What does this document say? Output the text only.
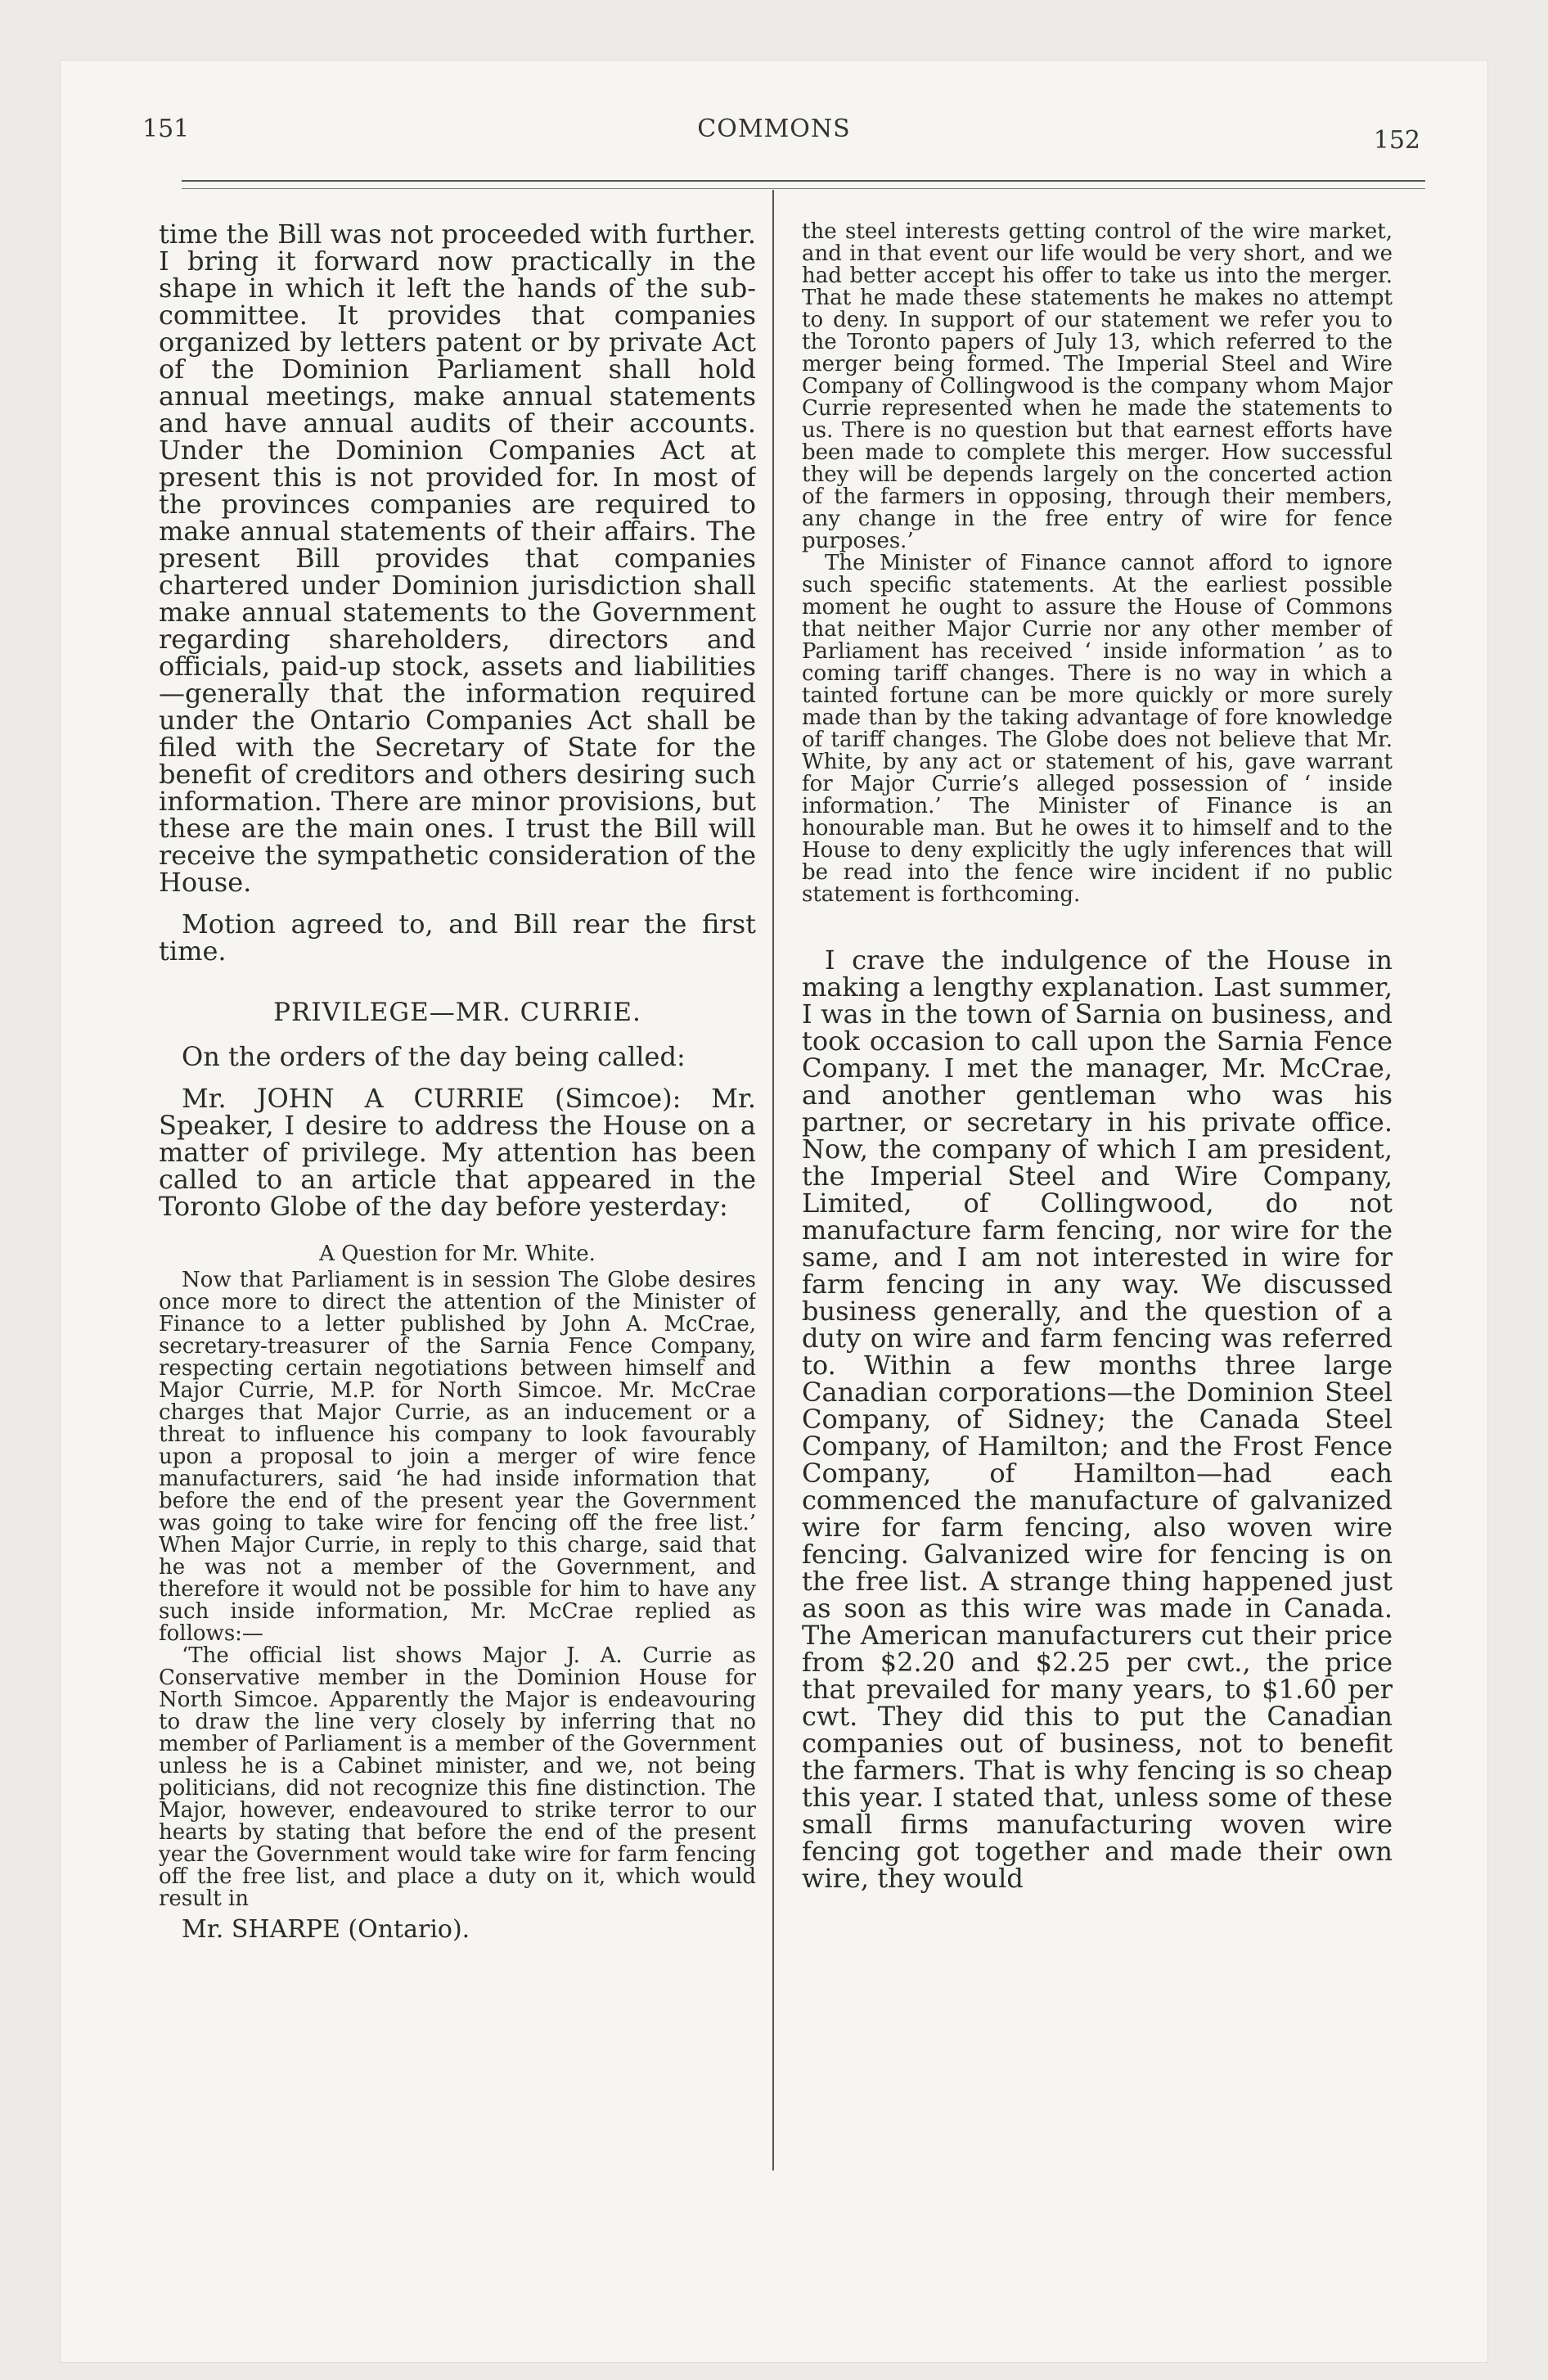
151	COMMONS	152

time the Bill was not proceeded with further. I bring it forward now practically in the shape in which it left the hands of the sub-committee. It provides that companies organized by letters patent or by private Act of the Dominion Parliament shall hold annual meetings, make annual statements and have annual audits of their accounts. Under the Dominion Companies Act at present this is not provided for. In most of the provinces companies are required to make annual statements of their affairs. The present Bill provides that companies chartered under Dominion jurisdiction shall make annual statements to the Government regarding shareholders, directors and officials, paid-up stock, assets and liabilities—generally that the information required under the Ontario Companies Act shall be filed with the Secretary of State for the benefit of creditors and others desiring such information. There are minor provisions, but these are the main ones. I trust the Bill will receive the sympathetic consideration of the House.

Motion agreed to, and Bill rear the first time.

PRIVILEGE—MR. CURRIE.

On the orders of the day being called:

Mr. JOHN A CURRIE (Simcoe): Mr. Speaker, I desire to address the House on a matter of privilege. My attention has been called to an article that appeared in the Toronto Globe of the day before yesterday:

A Question for Mr. White.

Now that Parliament is in session The Globe desires once more to direct the attention of the Minister of Finance to a letter published by John A. McCrae, secretary-treasurer of the Sarnia Fence Company, respecting certain negotiations between himself and Major Currie, M.P. for North Simcoe. Mr. McCrae charges that Major Currie, as an inducement or a threat to influence his company to look favourably upon a proposal to join a merger of wire fence manufacturers, said ‘he had inside information that before the end of the present year the Government was going to take wire for fencing off the free list.’ When Major Currie, in reply to this charge, said that he was not a member of the Government, and therefore it would not be possible for him to have any such inside information, Mr. McCrae replied as follows:—

‘The official list shows Major J. A. Currie as Conservative member in the Dominion House for North Simcoe. Apparently the Major is endeavouring to draw the line very closely by inferring that no member of Parliament is a member of the Government unless he is a Cabinet minister, and we, not being politicians, did not recognize this fine distinction. The Major, however, endeavoured to strike terror to our hearts by stating that before the end of the present year the Government would take wire for farm fencing off the free list, and place a duty on it, which would result in

Mr. SHARPE (Ontario).

the steel interests getting control of the wire market, and in that event our life would be very short, and we had better accept his offer to take us into the merger. That he made these statements he makes no attempt to deny. In support of our statement we refer you to the Toronto papers of July 13, which referred to the merger being formed. The Imperial Steel and Wire Company of Collingwood is the company whom Major Currie represented when he made the statements to us. There is no question but that earnest efforts have been made to complete this merger. How successful they will be depends largely on the concerted action of the farmers in opposing, through their members, any change in the free entry of wire for fence purposes.’

The Minister of Finance cannot afford to ignore such specific statements. At the earliest possible moment he ought to assure the House of Commons that neither Major Currie nor any other member of Parliament has received ‘ inside information ’ as to coming tariff changes. There is no way in which a tainted fortune can be more quickly or more surely made than by the taking advantage of fore knowledge of tariff changes. The Globe does not believe that Mr. White, by any act or statement of his, gave warrant for Major Currie’s alleged possession of ‘ inside information.’ The Minister of Finance is an honourable man. But he owes it to himself and to the House to deny explicitly the ugly inferences that will be read into the fence wire incident if no public statement is forthcoming.

I crave the indulgence of the House in making a lengthy explanation. Last summer, I was in the town of Sarnia on business, and took occasion to call upon the Sarnia Fence Company. I met the manager, Mr. McCrae, and another gentleman who was his partner, or secretary in his private office. Now, the company of which I am president, the Imperial Steel and Wire Company, Limited, of Collingwood, do not manufacture farm fencing, nor wire for the same, and I am not interested in wire for farm fencing in any way. We discussed business generally, and the question of a duty on wire and farm fencing was referred to. Within a few months three large Canadian corporations—the Dominion Steel Company, of Sidney; the Canada Steel Company, of Hamilton; and the Frost Fence Company, of Hamilton—had each commenced the manufacture of galvanized wire for farm fencing, also woven wire fencing. Galvanized wire for fencing is on the free list. A strange thing happened just as soon as this wire was made in Canada. The American manufacturers cut their price from $2.20 and $2.25 per cwt., the price that prevailed for many years, to $1.60 per cwt. They did this to put the Canadian companies out of business, not to benefit the farmers. That is why fencing is so cheap this year. I stated that, unless some of these small firms manufacturing woven wire fencing got together and made their own wire, they would
